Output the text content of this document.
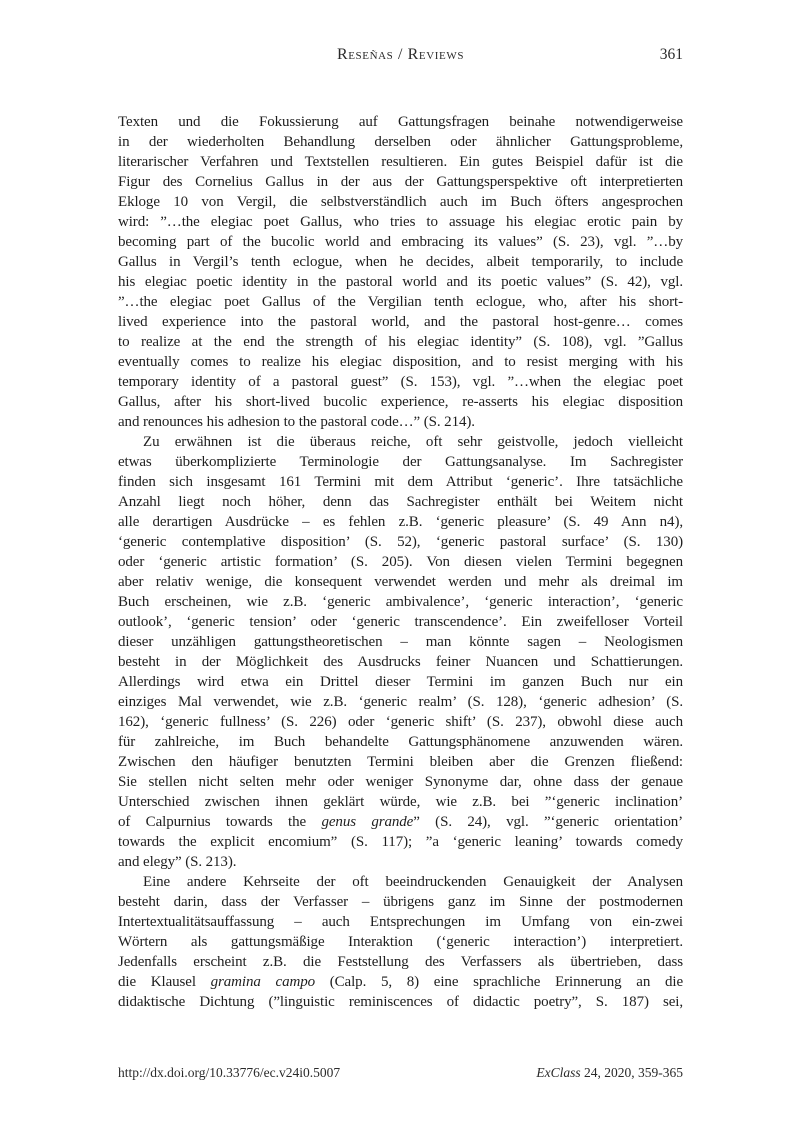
Reseñas / Reviews	361
Texten und die Fokussierung auf Gattungsfragen beinahe notwendigerweise
in der wiederholten Behandlung derselben oder ähnlicher Gattungsprobleme,
literarischer Verfahren und Textstellen resultieren. Ein gutes Beispiel dafür ist die
Figur des Cornelius Gallus in der aus der Gattungsperspektive oft interpretierten
Ekloge 10 von Vergil, die selbstverständlich auch im Buch öfters angesprochen
wird: ”…the elegiac poet Gallus, who tries to assuage his elegiac erotic pain by
becoming part of the bucolic world and embracing its values” (S. 23), vgl. ”…by
Gallus in Vergil’s tenth eclogue, when he decides, albeit temporarily, to include
his elegiac poetic identity in the pastoral world and its poetic values” (S. 42), vgl.
”…the elegiac poet Gallus of the Vergilian tenth eclogue, who, after his short-
lived experience into the pastoral world, and the pastoral host-genre… comes
to realize at the end the strength of his elegiac identity” (S. 108), vgl. ”Gallus
eventually comes to realize his elegiac disposition, and to resist merging with his
temporary identity of a pastoral guest” (S. 153), vgl. ”…when the elegiac poet
Gallus, after his short-lived bucolic experience, re-asserts his elegiac disposition
and renounces his adhesion to the pastoral code…” (S. 214).
Zu erwähnen ist die überaus reiche, oft sehr geistvolle, jedoch vielleicht
etwas überkomplizierte Terminologie der Gattungsanalyse. Im Sachregister
finden sich insgesamt 161 Termini mit dem Attribut ‘generic’. Ihre tatsächliche
Anzahl liegt noch höher, denn das Sachregister enthält bei Weitem nicht
alle derartigen Ausdrücke – es fehlen z.B. ‘generic pleasure’ (S. 49 Ann n4),
‘generic contemplative disposition’ (S. 52), ‘generic pastoral surface’ (S. 130)
oder ‘generic artistic formation’ (S. 205). Von diesen vielen Termini begegnen
aber relativ wenige, die konsequent verwendet werden und mehr als dreimal im
Buch erscheinen, wie z.B. ‘generic ambivalence’, ‘generic interaction’, ‘generic
outlook’, ‘generic tension’ oder ‘generic transcendence’. Ein zweifelloser Vorteil
dieser unzähligen gattungstheoretischen – man könnte sagen – Neologismen
besteht in der Möglichkeit des Ausdrucks feiner Nuancen und Schattierungen.
Allerdings wird etwa ein Drittel dieser Termini im ganzen Buch nur ein
einziges Mal verwendet, wie z.B. ‘generic realm’ (S. 128), ‘generic adhesion’ (S.
162), ‘generic fullness’ (S. 226) oder ‘generic shift’ (S. 237), obwohl diese auch
für zahlreiche, im Buch behandelte Gattungsphänomene anzuwenden wären.
Zwischen den häufiger benutzten Termini bleiben aber die Grenzen fließend:
Sie stellen nicht selten mehr oder weniger Synonyme dar, ohne dass der genaue
Unterschied zwischen ihnen geklärt würde, wie z.B. bei ”‘generic inclination’
of Calpurnius towards the genus grande” (S. 24), vgl. ”‘generic orientation’
towards the explicit encomium” (S. 117); ”a ‘generic leaning’ towards comedy
and elegy” (S. 213).
Eine andere Kehrseite der oft beeindruckenden Genauigkeit der Analysen
besteht darin, dass der Verfasser – übrigens ganz im Sinne der postmodernen
Intertextualitätsauffassung – auch Entsprechungen im Umfang von ein-zwei
Wörtern als gattungsmäßige Interaktion (‘generic interaction’) interpretiert.
Jedenfalls erscheint z.B. die Feststellung des Verfassers als übertrieben, dass
die Klausel gramina campo (Calp. 5, 8) eine sprachliche Erinnerung an die
didaktische Dichtung (”linguistic reminiscences of didactic poetry”, S. 187) sei,
http://dx.doi.org/10.33776/ec.v24i0.5007	ExClass 24, 2020, 359-365
